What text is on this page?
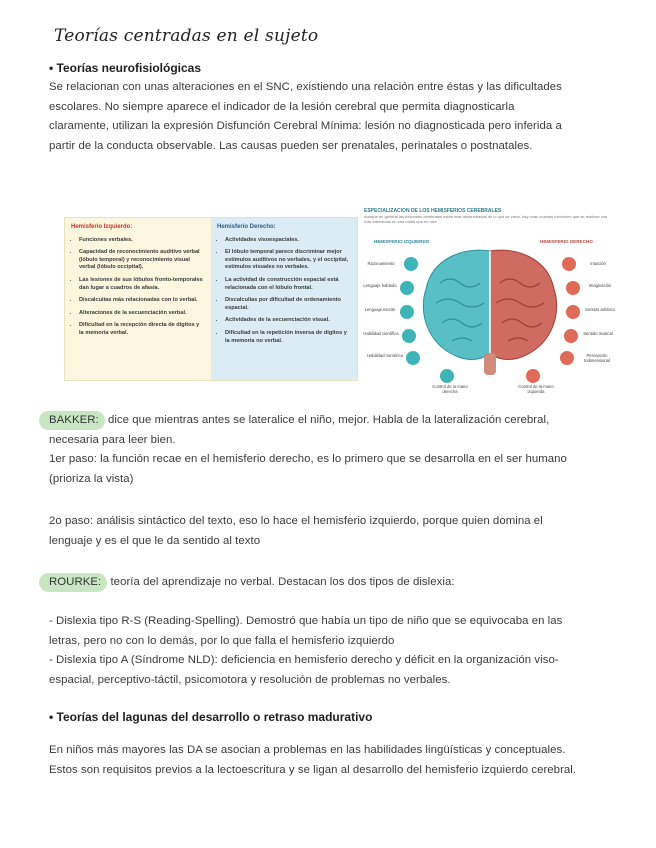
Teorías centradas en el sujeto
• Teorías neurofisiológicas

Se relacionan con unas alteraciones en el SNC, existiendo una relación entre éstas y las dificultades

escolares. No siempre aparece el indicador de la lesión cerebral que permita diagnosticarla

claramente, utilizan la expresión Disfunción Cerebral Mínima: lesión no diagnosticada pero inferida a

partir de la conducta observable. Las causas pueden ser prenatales, perinatales o postnatales.

Hemisferio Izquierdo:
• Funciones verbales.
• Capacidad de reconocimiento auditivo verbal (lóbulo temporal) y reconocimiento visual verbal (lóbulo occipital).
• Las lesiones de sus lóbulos fronto-temporales dan lugar a cuadros de afasia.
• Discalculias más relacionadas con lo verbal.
• Alteraciones de la secuenciación verbal.
• Dificultad en la recepción directa de dígitos y la memoria verbal.
Hemisferio Derecho:
• Actividades visoespaciales.
• El lóbulo temporal parece discriminar mejor estímulos auditivos no verbales, y el occipital, estímulos visuales no verbales.
• La actividad de construcción espacial está relacionada con el lóbulo frontal.
• Discalculias por dificultad de ordenamiento espacial.
• Actividades de la secuenciación visual.
• Dificultad en la repetición inversa de dígitos y la memoria no verbal.
ESPECIALIZACION DE LOS HEMISFERIOS CEREBRALES
Aunque en general las funciones cerebrales están más desarrolladas de lo que se creía, hay unas cuantas funciones que se realizan con más intensidad en una mitad que en otra
HEMISFERIO IZQUIERDO	HEMISFERIO DERECHO
Razonamiento
Lenguaje hablado
Lenguaje escrito
Habilidad científica
Habilidad numérica
Control de la mano derecha
Intuición
Imaginación
Sentido artístico
Sentido musical
Percepción tridimensional
Control de la mano izquierda

BAKKER: dice que mientras antes se lateralice el niño, mejor. Habla de la lateralización cerebral,

necesaria para leer bien.

1er paso: la función recae en el hemisferio derecho, es lo primero que se desarrolla en el ser humano

(prioriza la vista)

2o paso: análisis sintáctico del texto, eso lo hace el hemisferio izquierdo, porque quien domina el

lenguaje y es el que le da sentido al texto

ROURKE: teoría del aprendizaje no verbal. Destacan los dos tipos de dislexia:

- Dislexia tipo R-S (Reading-Spelling). Demostró que había un tipo de niño que se equivocaba en las

letras, pero no con lo demás, por lo que falla el hemisferio izquierdo

- Dislexia tipo A (Síndrome NLD): deficiencia en hemisferio derecho y déficit en la organización viso-

espacial, perceptivo-táctil, psicomotora y resolución de problemas no verbales.

• Teorías del lagunas del desarrollo o retraso madurativo

En niños más mayores las DA se asocian a problemas en las habilidades lingüísticas y conceptuales.

Estos son requisitos previos a la lectoescritura y se ligan al desarrollo del hemisferio izquierdo cerebral.
